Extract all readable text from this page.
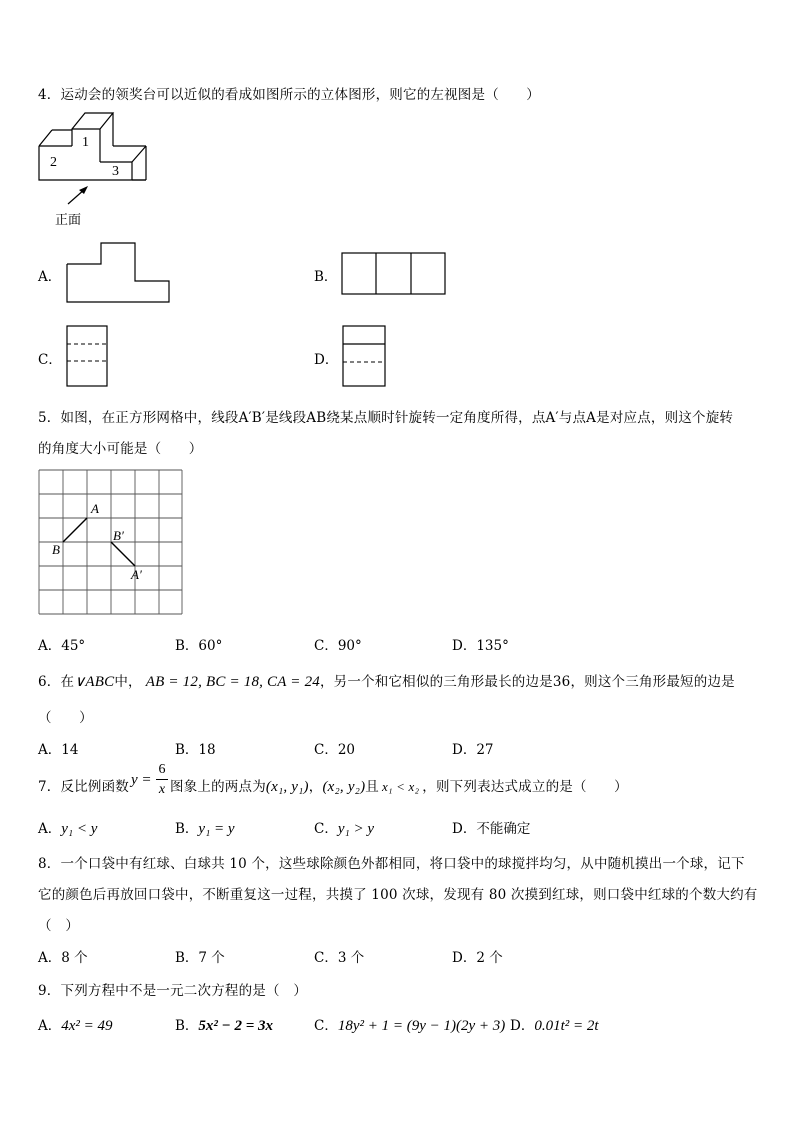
4．运动会的领奖台可以近似的看成如图所示的立体图形，则它的左视图是（　　）
1
2
3
正面
A．	B．
C．	D．
5．如图，在正方形网格中，线段A′B′是线段AB绕某点顺时针旋转一定角度所得，点A′与点A是对应点，则这个旋转
的角度大小可能是（　　）
A
B
B′
A′
A．45°	B．60°	C．90°	D．135°
6．在∨ABC中， AB = 12, BC = 18, CA = 24，另一个和它相似的三角形最长的边是36，则这个三角形最短的边是
（　　）
A．14	B．18	C．20	D．27
7．反比例函数 y =
6
x 图象上的两点为(x₁, y₁)，(x₂, y₂)且 x₁ < x₂ ，则下列表达式成立的是（　　）
A．y₁ < y	B．y₁ = y	C．y₁ > y	D．不能确定
8．一个口袋中有红球、白球共 10 个，这些球除颜色外都相同，将口袋中的球搅拌均匀，从中随机摸出一个球，记下
它的颜色后再放回口袋中，不断重复这一过程，共摸了 100 次球，发现有 80 次摸到红球，则口袋中红球的个数大约有
（　）
A．8 个	B．7 个	C．3 个	D．2 个
9．下列方程中不是一元二次方程的是（　）
A．4x² = 49	B．5x² − 2 = 3x	C．18y² + 1 = (9y − 1)(2y + 3) D．0.01t² = 2t
